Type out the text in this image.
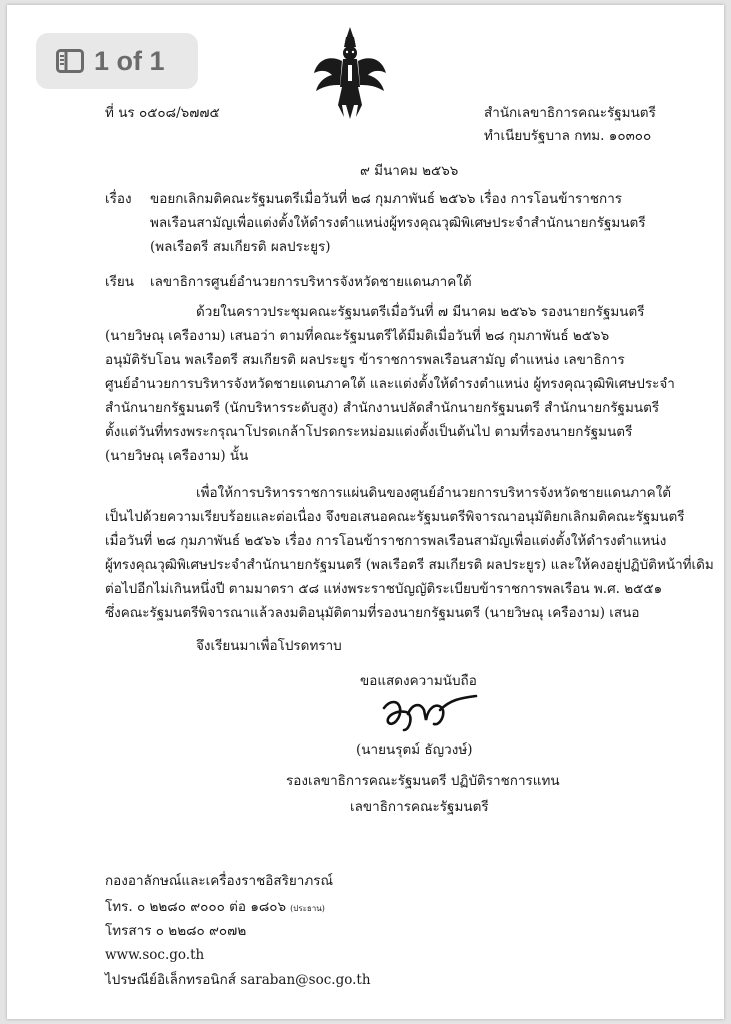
1 of 1
ที่ นร ๐๕๐๘/๖๗๗๕	สำนักเลขาธิการคณะรัฐมนตรี
ทำเนียบรัฐบาล กทม. ๑๐๓๐๐
๙ มีนาคม ๒๕๖๖
เรื่อง ขอยกเลิกมติคณะรัฐมนตรีเมื่อวันที่ ๒๘ กุมภาพันธ์ ๒๕๖๖ เรื่อง การโอนข้าราชการ
พลเรือนสามัญเพื่อแต่งตั้งให้ดำรงตำแหน่งผู้ทรงคุณวุฒิพิเศษประจำสำนักนายกรัฐมนตรี
(พลเรือตรี สมเกียรติ ผลประยูร)
เรียน เลขาธิการศูนย์อำนวยการบริหารจังหวัดชายแดนภาคใต้
ด้วยในคราวประชุมคณะรัฐมนตรีเมื่อวันที่ ๗ มีนาคม ๒๕๖๖ รองนายกรัฐมนตรี
(นายวิษณุ เครืองาม) เสนอว่า ตามที่คณะรัฐมนตรีได้มีมติเมื่อวันที่ ๒๘ กุมภาพันธ์ ๒๕๖๖
อนุมัติรับโอน พลเรือตรี สมเกียรติ ผลประยูร ข้าราชการพลเรือนสามัญ ตำแหน่ง เลขาธิการ
ศูนย์อำนวยการบริหารจังหวัดชายแดนภาคใต้ และแต่งตั้งให้ดำรงตำแหน่ง ผู้ทรงคุณวุฒิพิเศษประจำ
สำนักนายกรัฐมนตรี (นักบริหารระดับสูง) สำนักงานปลัดสำนักนายกรัฐมนตรี สำนักนายกรัฐมนตรี
ตั้งแต่วันที่ทรงพระกรุณาโปรดเกล้าโปรดกระหม่อมแต่งตั้งเป็นต้นไป ตามที่รองนายกรัฐมนตรี
(นายวิษณุ เครืองาม) นั้น
เพื่อให้การบริหารราชการแผ่นดินของศูนย์อำนวยการบริหารจังหวัดชายแดนภาคใต้
เป็นไปด้วยความเรียบร้อยและต่อเนื่อง จึงขอเสนอคณะรัฐมนตรีพิจารณาอนุมัติยกเลิกมติคณะรัฐมนตรี
เมื่อวันที่ ๒๘ กุมภาพันธ์ ๒๕๖๖ เรื่อง การโอนข้าราชการพลเรือนสามัญเพื่อแต่งตั้งให้ดำรงตำแหน่ง
ผู้ทรงคุณวุฒิพิเศษประจำสำนักนายกรัฐมนตรี (พลเรือตรี สมเกียรติ ผลประยูร) และให้คงอยู่ปฏิบัติหน้าที่เดิม
ต่อไปอีกไม่เกินหนึ่งปี ตามมาตรา ๕๘ แห่งพระราชบัญญัติระเบียบข้าราชการพลเรือน พ.ศ. ๒๕๕๑
ซึ่งคณะรัฐมนตรีพิจารณาแล้วลงมติอนุมัติตามที่รองนายกรัฐมนตรี (นายวิษณุ เครืองาม) เสนอ
จึงเรียนมาเพื่อโปรดทราบ
ขอแสดงความนับถือ
(นายนรุตม์ ธัญวงษ์)
รองเลขาธิการคณะรัฐมนตรี ปฏิบัติราชการแทน
เลขาธิการคณะรัฐมนตรี
กองอาลักษณ์และเครื่องราชอิสริยาภรณ์
โทร. ๐ ๒๒๘๐ ๙๐๐๐ ต่อ ๑๘๐๖ (ประธาน)
โทรสาร ๐ ๒๒๘๐ ๙๐๗๒
www.soc.go.th
ไปรษณีย์อิเล็กทรอนิกส์ saraban@soc.go.th
